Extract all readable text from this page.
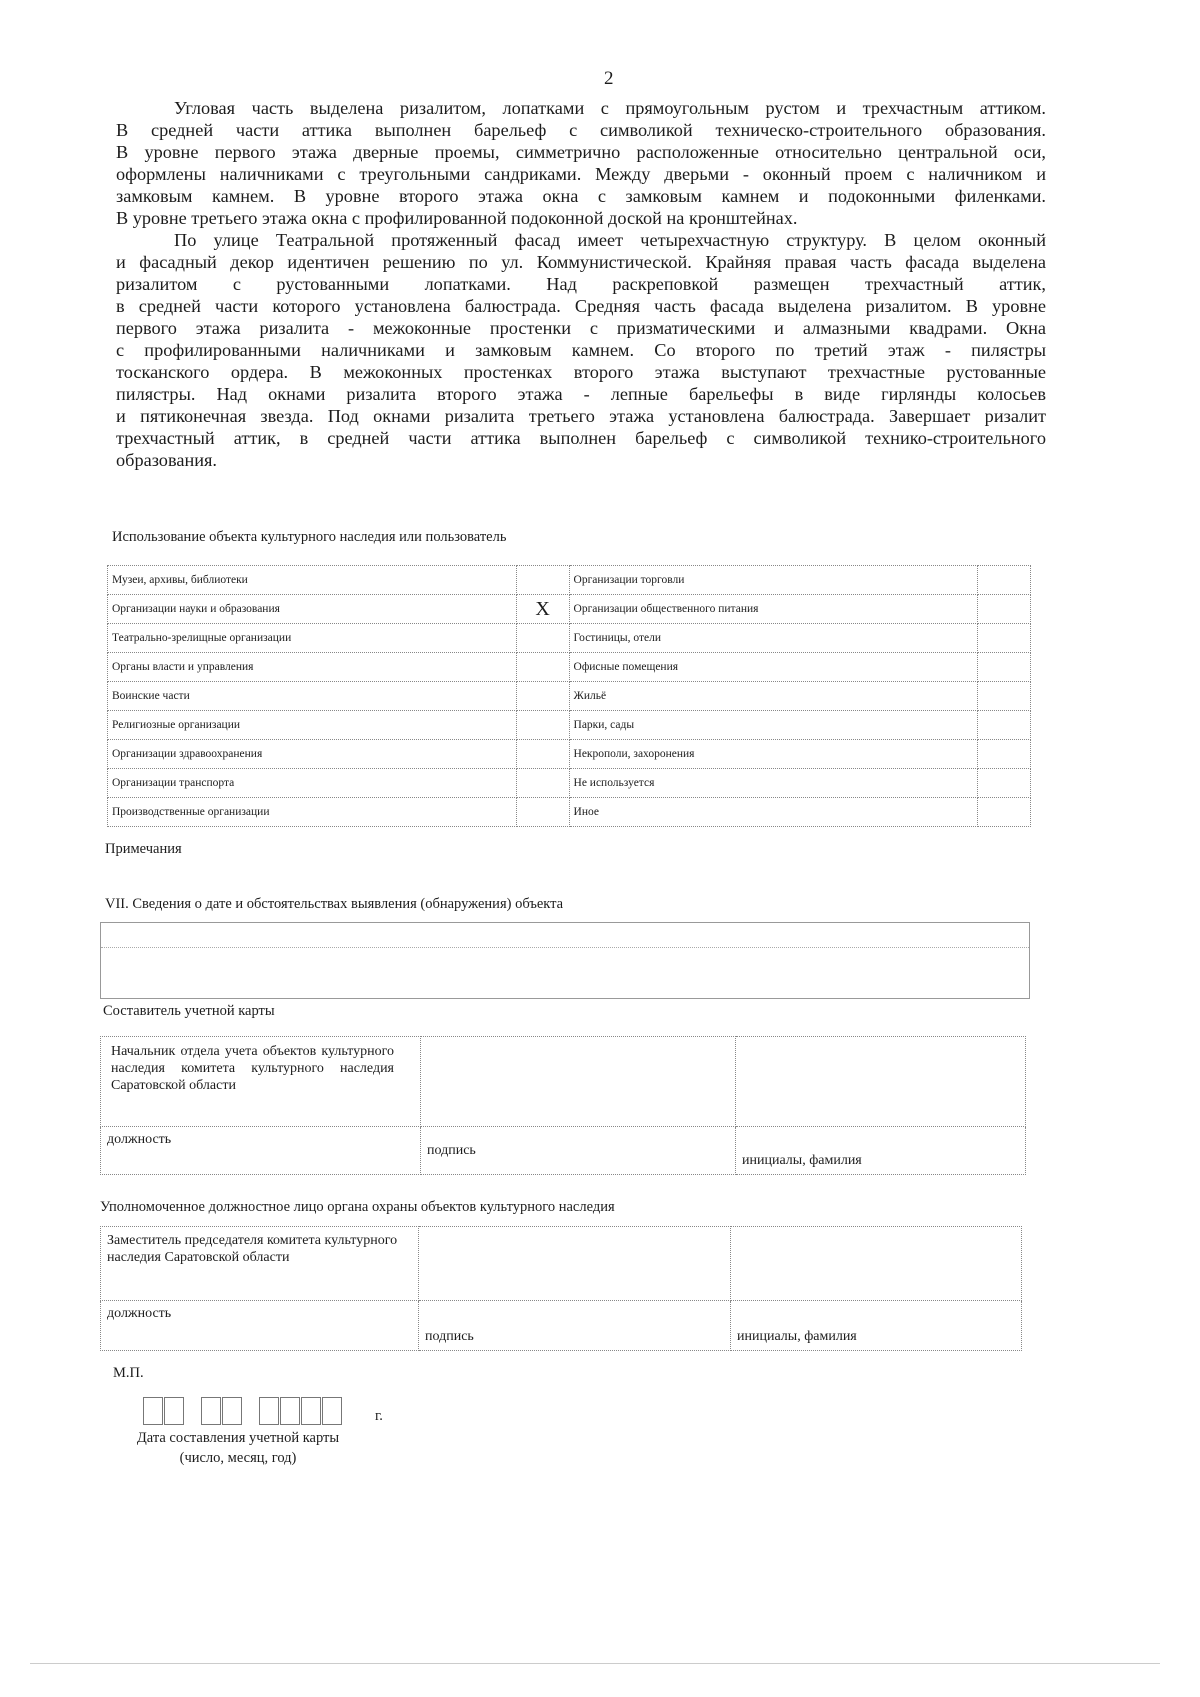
2
Угловая часть выделена ризалитом, лопатками с прямоугольным рустом и трехчастным аттиком.
В средней части аттика выполнен барельеф с символикой техническо-строительного образования.
В уровне первого этажа дверные проемы, симметрично расположенные относительно центральной оси,
оформлены наличниками с треугольными сандриками. Между дверьми - оконный проем с наличником и
замковым камнем. В уровне второго этажа окна с замковым камнем и подоконными филенками.
В уровне третьего этажа окна с профилированной подоконной доской на кронштейнах.
По улице Театральной протяженный фасад имеет четырехчастную структуру. В целом оконный
и фасадный декор идентичен решению по ул. Коммунистической. Крайняя правая часть фасада выделена
ризалитом с рустованными лопатками. Над раскреповкой размещен трехчастный аттик,
в средней части которого установлена балюстрада. Средняя часть фасада выделена ризалитом. В уровне
первого этажа ризалита - межоконные простенки с призматическими и алмазными квадрами. Окна
с профилированными наличниками и замковым камнем. Со второго по третий этаж - пилястры
тосканского ордера. В межоконных простенках второго этажа выступают трехчастные рустованные
пилястры. Над окнами ризалита второго этажа - лепные барельефы в виде гирлянды колосьев
и пятиконечная звезда. Под окнами ризалита третьего этажа установлена балюстрада. Завершает ризалит
трехчастный аттик, в средней части аттика выполнен барельеф с символикой технико-строительного
образования.
Использование объекта культурного наследия или пользователь
Музеи, архивы, библиотеки		Организации торговли	
Организации науки и образования	X	Организации общественного питания	
Театрально-зрелищные организации		Гостиницы, отели	
Органы власти и управления		Офисные помещения	
Воинские части		Жильё	
Религиозные организации		Парки, сады	
Организации здравоохранения		Некрополи, захоронения	
Организации транспорта		Не используется	
Производственные организации		Иное	
Примечания
VII. Сведения о дате и обстоятельствах выявления (обнаружения) объекта
Составитель учетной карты
Начальник отдела учета объектов культурного наследия комитета культурного наследия Саратовской области		
должность	подпись	инициалы, фамилия
Уполномоченное должностное лицо органа охраны объектов культурного наследия
Заместитель председателя комитета культурного наследия Саратовской области		
должность	подпись	инициалы, фамилия
М.П.
г.
Дата составления учетной карты
(число, месяц, год)
